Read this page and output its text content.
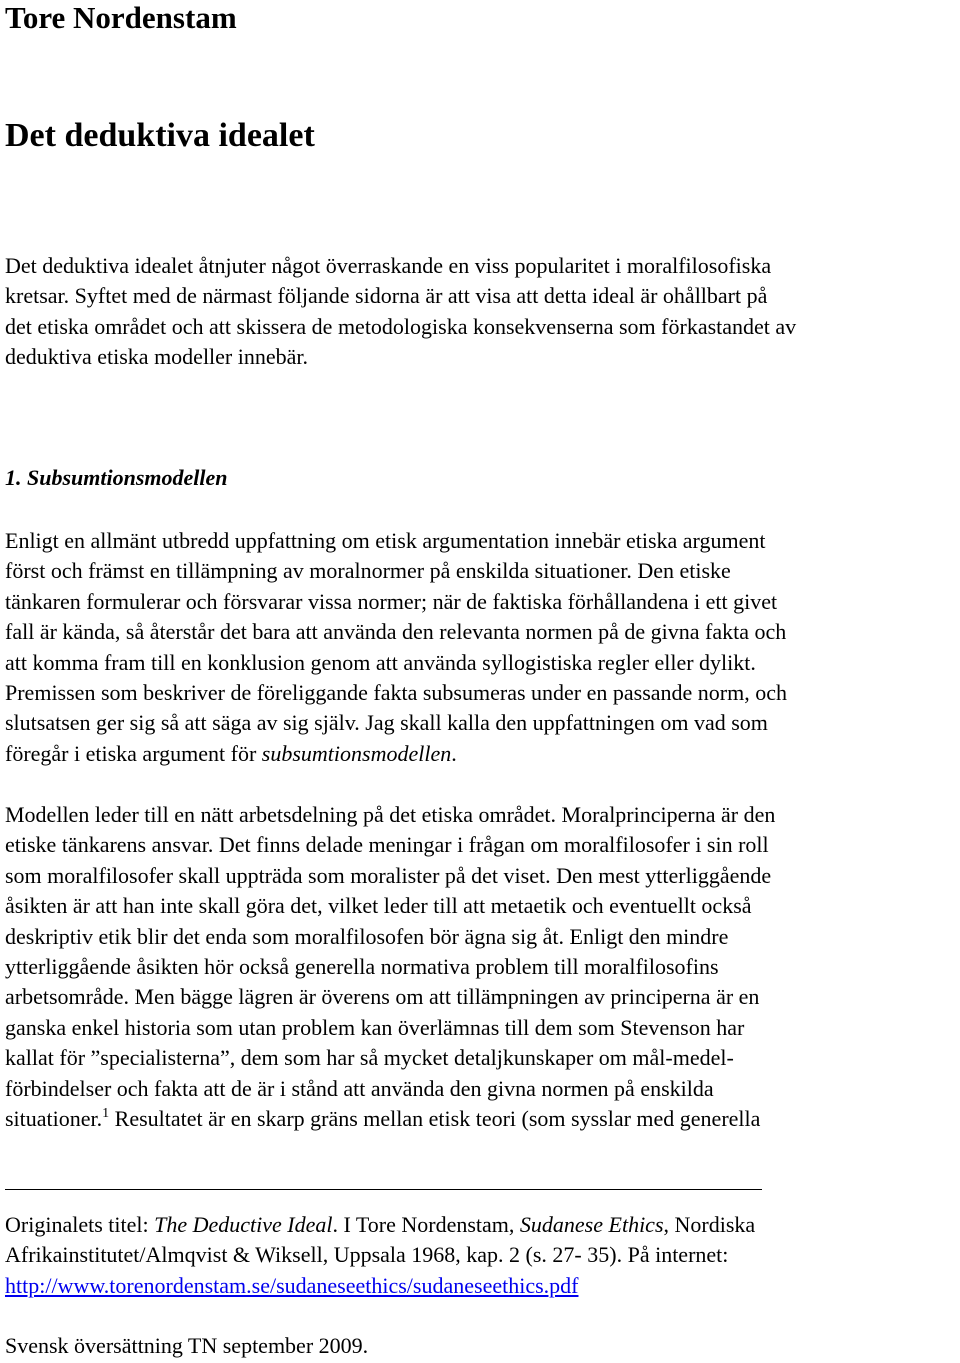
Tore Nordenstam
Det deduktiva idealet

Det deduktiva idealet åtnjuter något överraskande en viss popularitet i moralfilosofiska
kretsar. Syftet med de närmast följande sidorna är att visa att detta ideal är ohållbart på
det etiska området och att skissera de metodologiska konsekvenserna som förkastandet av
deduktiva etiska modeller innebär.

1. Subsumtionsmodellen

Enligt en allmänt utbredd uppfattning om etisk argumentation innebär etiska argument
först och främst en tillämpning av moralnormer på enskilda situationer. Den etiske
tänkaren formulerar och försvarar vissa normer; när de faktiska förhållandena i ett givet
fall är kända, så återstår det bara att använda den relevanta normen på de givna fakta och
att komma fram till en konklusion genom att använda syllogistiska regler eller dylikt.
Premissen som beskriver de föreliggande fakta subsumeras under en passande norm, och
slutsatsen ger sig så att säga av sig själv. Jag skall kalla den uppfattningen om vad som
föregår i etiska argument för subsumtionsmodellen.

Modellen leder till en nätt arbetsdelning på det etiska området. Moralprinciperna är den
etiske tänkarens ansvar. Det finns delade meningar i frågan om moralfilosofer i sin roll
som moralfilosofer skall uppträda som moralister på det viset. Den mest ytterliggående
åsikten är att han inte skall göra det, vilket leder till att metaetik och eventuellt också
deskriptiv etik blir det enda som moralfilosofen bör ägna sig åt. Enligt den mindre
ytterliggående åsikten hör också generella normativa problem till moralfilosofins
arbetsområde. Men bägge lägren är överens om att tillämpningen av principerna är en
ganska enkel historia som utan problem kan överlämnas till dem som Stevenson har
kallat för ”specialisterna”, dem som har så mycket detaljkunskaper om mål-medel-
förbindelser och fakta att de är i stånd att använda den givna normen på enskilda
situationer.$^1$ Resultatet är en skarp gräns mellan etisk teori (som sysslar med generella

Originalets titel: The Deductive Ideal. I Tore Nordenstam, Sudanese Ethics, Nordiska
Afrikainstitutet/Almqvist & Wiksell, Uppsala 1968, kap. 2 (s. 27- 35). På internet:
http://www.torenordenstam.se/sudaneseethics/sudaneseethics.pdf

Svensk översättning TN september 2009.
